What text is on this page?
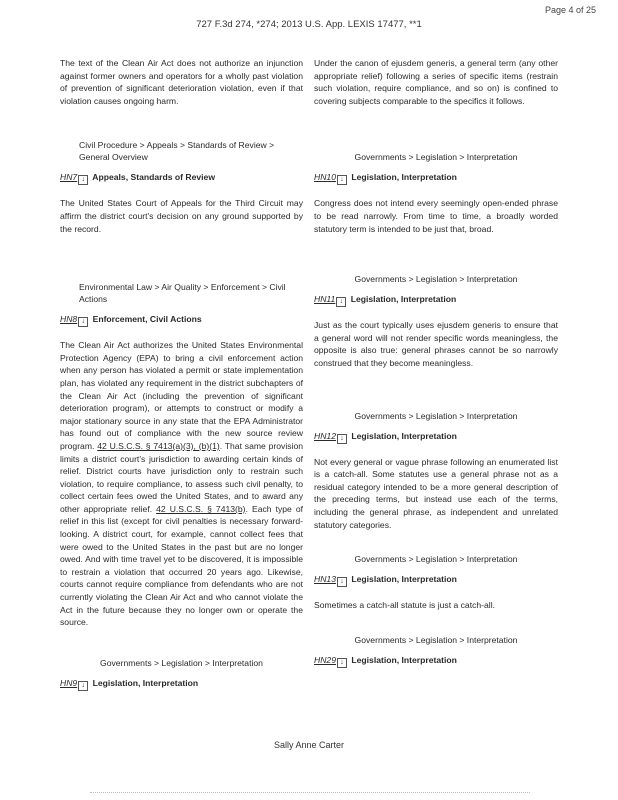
Page 4 of 25
727 F.3d 274, *274; 2013 U.S. App. LEXIS 17477, **1

The text of the Clean Air Act does not authorize an injunction against former owners and operators for a wholly past violation of prevention of significant deterioration violation, even if that violation causes ongoing harm.

Civil Procedure > Appeals > Standards of Review > General Overview
HN7 ↓ Appeals, Standards of Review

The United States Court of Appeals for the Third Circuit may affirm the district court's decision on any ground supported by the record.

Environmental Law > Air Quality > Enforcement > Civil Actions
HN8 ↓ Enforcement, Civil Actions

The Clean Air Act authorizes the United States Environmental Protection Agency (EPA) to bring a civil enforcement action when any person has violated a permit or state implementation plan, has violated any requirement in the district subchapters of the Clean Air Act (including the prevention of significant deterioration program), or attempts to construct or modify a major stationary source in any state that the EPA Administrator has found out of compliance with the new source review program. 42 U.S.C.S. § 7413(a)(3), (b)(1). That same provision limits a district court's jurisdiction to awarding certain kinds of relief. District courts have jurisdiction only to restrain such violation, to require compliance, to assess such civil penalty, to collect certain fees owed the United States, and to award any other appropriate relief. 42 U.S.C.S. § 7413(b). Each type of relief in this list (except for civil penalties is necessary forward-looking. A district court, for example, cannot collect fees that were owed to the United States in the past but are no longer owed. And with time travel yet to be discovered, it is impossible to restrain a violation that occurred 20 years ago. Likewise, courts cannot require compliance from defendants who are not currently violating the Clean Air Act and who cannot violate the Act in the future because they no longer own or operate the source.

Governments > Legislation > Interpretation
HN9 ↓ Legislation, Interpretation

Under the canon of ejusdem generis, a general term (any other appropriate relief) following a series of specific items (restrain such violation, require compliance, and so on) is confined to covering subjects comparable to the specifics it follows.

Governments > Legislation > Interpretation
HN10 ↓ Legislation, Interpretation

Congress does not intend every seemingly open-ended phrase to be read narrowly. From time to time, a broadly worded statutory term is intended to be just that, broad.

Governments > Legislation > Interpretation
HN11 ↓ Legislation, Interpretation

Just as the court typically uses ejusdem generis to ensure that a general word will not render specific words meaningless, the opposite is also true: general phrases cannot be so narrowly construed that they become meaningless.

Governments > Legislation > Interpretation
HN12 ↓ Legislation, Interpretation

Not every general or vague phrase following an enumerated list is a catch-all. Some statutes use a general phrase not as a residual category intended to be a more general description of the preceding terms, but instead use each of the terms, including the general phrase, as independent and unrelated statutory categories.

Governments > Legislation > Interpretation
HN13 ↓ Legislation, Interpretation

Sometimes a catch-all statute is just a catch-all.

Governments > Legislation > Interpretation
HN29 ↓ Legislation, Interpretation
Sally Anne Carter
